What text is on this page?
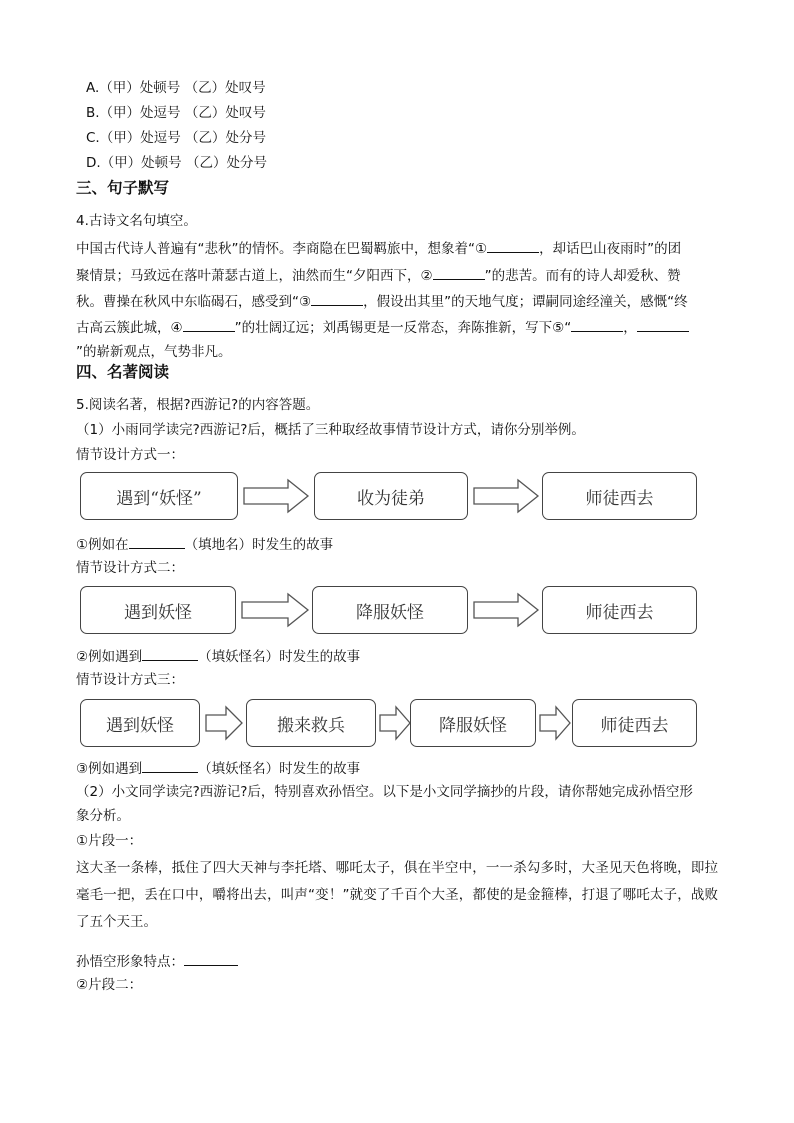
A.（甲）处顿号 （乙）处叹号
B.（甲）处逗号 （乙）处叹号
C.（甲）处逗号 （乙）处分号
D.（甲）处顿号 （乙）处分号
三、句子默写
4.古诗文名句填空。
中国古代诗人普遍有“悲秋”的情怀。李商隐在巴蜀羁旅中，想象着“①	，却话巴山夜雨时”的团
聚情景；马致远在落叶萧瑟古道上，油然而生“夕阳西下，②	”的悲苦。而有的诗人却爱秋、赞
秋。曹操在秋风中东临碣石，感受到“③	，假设出其里”的天地气度；谭嗣同途经潼关，感慨“终
古高云簇此城，④	”的壮阔辽远；刘禹锡更是一反常态，奔陈推新，写下⑤“	，
”的崭新观点，气势非凡。
四、名著阅读
5.阅读名著，根据?西游记?的内容答题。
（1）小雨同学读完?西游记?后，概括了三种取经故事情节设计方式，请你分别举例。
情节设计方式一：
遇到“妖怪”	收为徒弟	师徒西去
①例如在	（填地名）时发生的故事
情节设计方式二：
遇到妖怪	降服妖怪	师徒西去
②例如遇到	（填妖怪名）时发生的故事
情节设计方式三：
遇到妖怪	搬来救兵	降服妖怪	师徒西去
③例如遇到	（填妖怪名）时发生的故事
（2）小文同学读完?西游记?后，特别喜欢孙悟空。以下是小文同学摘抄的片段，请你帮她完成孙悟空形
象分析。
①片段一：
这大圣一条棒，抵住了四大天神与李托塔、哪吒太子，俱在半空中，一一杀勾多时，大圣见天色将晚，即拉毫毛一把，丢在口中，嚼将出去，叫声“变！”就变了千百个大圣，都使的是金箍棒，打退了哪吒太子，战败了五个天王。
孙悟空形象特点：
②片段二：
